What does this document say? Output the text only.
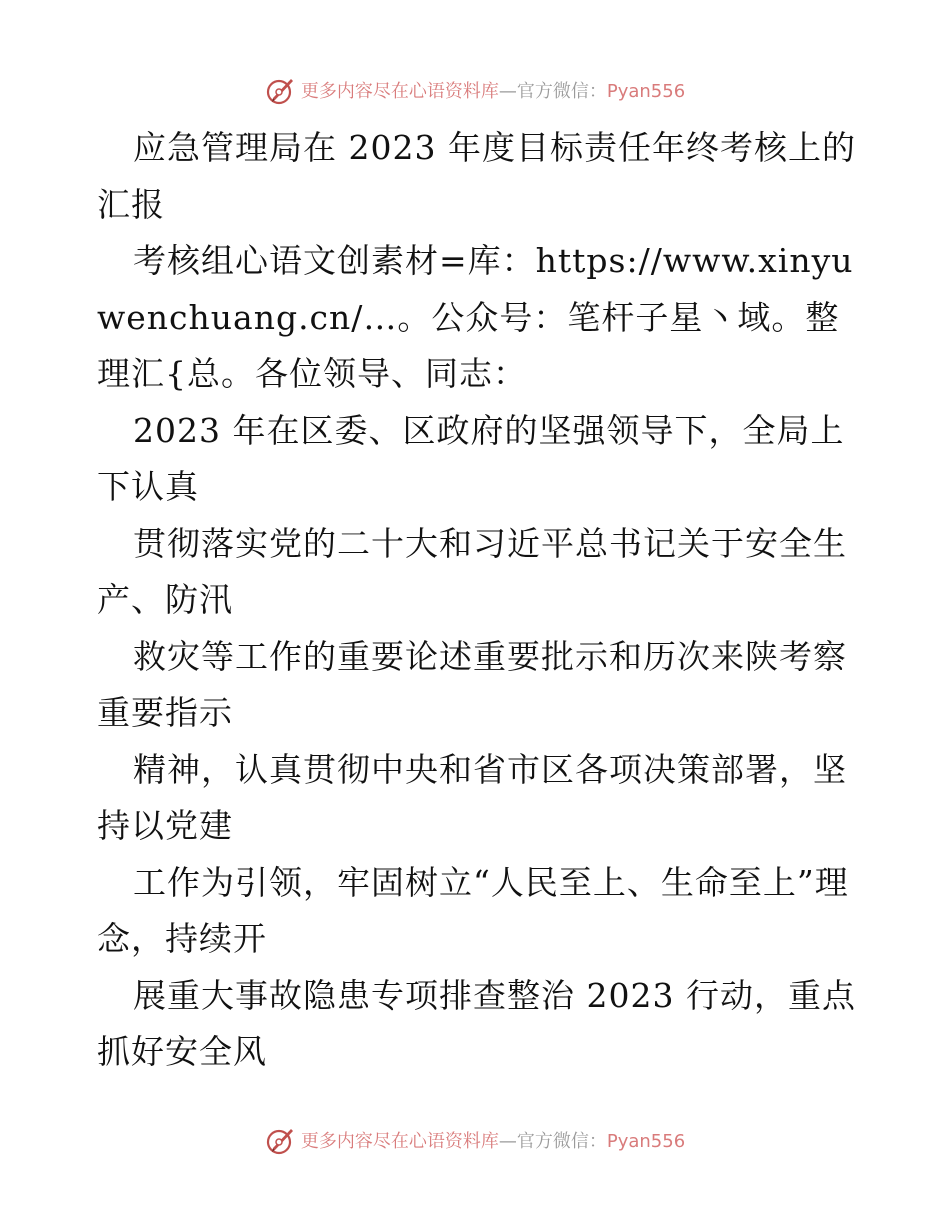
更多内容尽在心语资料库—官方微信：Pyan556

应急管理局在 2023 年度目标责任年终考核上的汇报

考核组心语文创素材=库：https://www.xinyuwenchuang.cn/…。公众号：笔杆子星丶域。整理汇{总。各位领导、同志：

2023 年在区委、区政府的坚强领导下，全局上下认真

贯彻落实党的二十大和习近平总书记关于安全生产、防汛

救灾等工作的重要论述重要批示和历次来陕考察重要指示

精神，认真贯彻中央和省市区各项决策部署，坚持以党建

工作为引领，牢固树立“人民至上、生命至上”理念，持续开

展重大事故隐患专项排查整治 2023 行动，重点抓好安全风

更多内容尽在心语资料库—官方微信：Pyan556
